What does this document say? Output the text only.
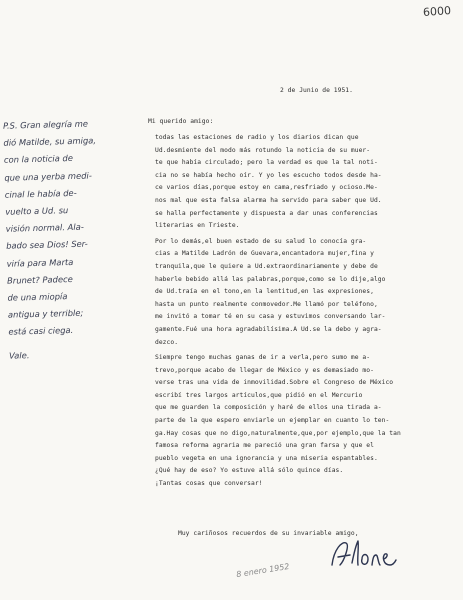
6000
2 de Junio de 1951.
Mi querido amigo:
todas las estaciones de radio y los diarios dican que
Ud.desmiente del modo más rotundo la noticia de su muer-
te que había circulado; pero la verdad es que la tal noti-
cia no se había hecho oír. Y yo les escucho todos desde ha-
ce varios días,porque estoy en cama,resfriado y ocioso.Me-
nos mal que esta falsa alarma ha servido para saber que Ud.
se halla perfectamente y dispuesta a dar unas conferencias
literarias en Trieste.
Por lo demás,el buen estado de su salud lo conocía gra-
cias a Matilde Ladrón de Guevara,encantadora mujer,fina y
tranquila,que le quiere a Ud.extraordinariamente y debe de
haberle bebido allá las palabras,porque,como se lo dije,algo
de Ud.traía en el tono,en la lentitud,en las expresiones,
hasta un punto realmente conmovedor.Me llamó por teléfono,
me invitó a tomar té en su casa y estuvimos conversando lar-
gamente.Fué una hora agradabilísima.A Ud.se la debo y agra-
dezco.
Siempre tengo muchas ganas de ir a verla,pero sumo me a-
trevo,porque acabo de llegar de México y es demasiado mo-
verse tras una vida de inmovilidad.Sobre el Congreso de México
escribí tres largos artículos,que pidió en el Mercurio
que me guarden la composición y haré de ellos una tirada a-
parte de la que espero enviarle un ejemplar en cuanto lo ten-
ga.Hay cosas que no digo,naturalmente,que,por ejemplo,que la tan
famosa reforma agraria me pareció una gran farsa y que el
pueblo vegeta en una ignorancia y una miseria espantables.
¿Qué hay de eso? Yo estuve allá sólo quince días.
¡Tantas cosas que conversar!
Muy cariñosos recuerdos de su invariable amigo,
P.S. Gran alegría me
dió Matilde, su amiga,
con la noticia de
que una yerba medi-
cinal le había de-
vuelto a Ud. su
visión normal. Ala-
bado sea Dios! Ser-
viría para Marta
Brunet? Padece
de una miopía
antigua y terrible;
está casi ciega.
Vale.
8 enero 1952
